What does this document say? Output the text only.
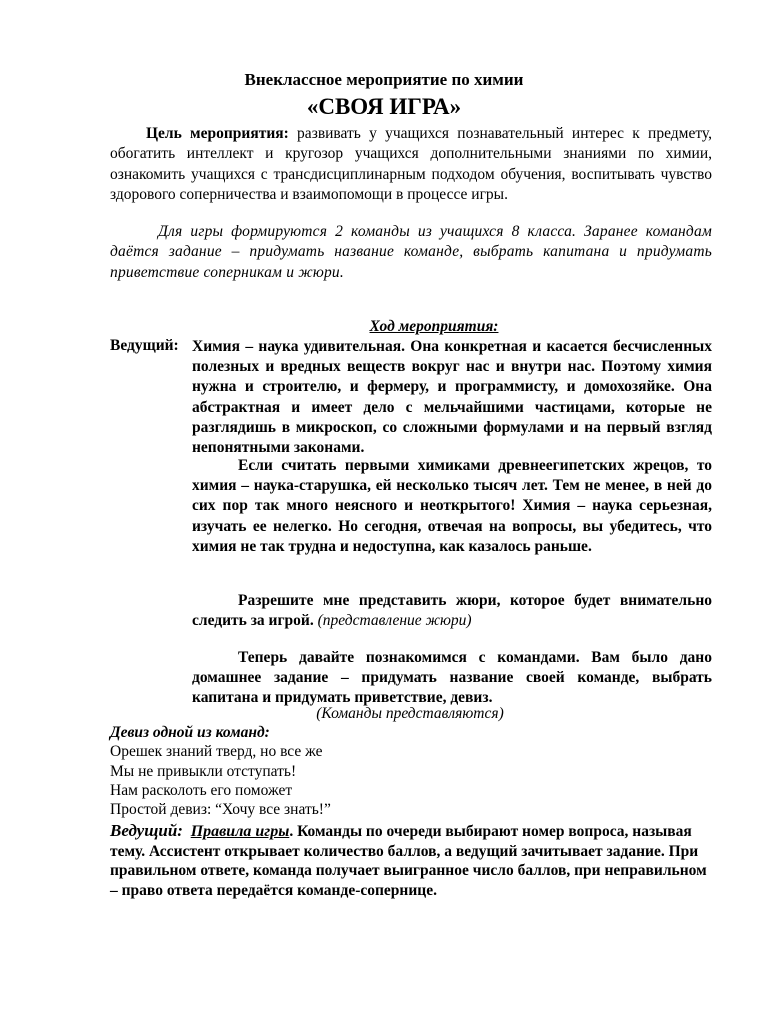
Внеклассное мероприятие по химии
«СВОЯ ИГРА»
Цель мероприятия: развивать у учащихся познавательный интерес к предмету, обогатить интеллект и кругозор учащихся дополнительными знаниями по химии, ознакомить учащихся с трансдисциплинарным подходом обучения, воспитывать чувство здорового соперничества и взаимопомощи в процессе игры.
Для игры формируются 2 команды из учащихся 8 класса. Заранее командам даётся задание – придумать название команде, выбрать капитана и придумать приветствие соперникам и жюри.
Ход мероприятия:
Ведущий: Химия – наука удивительная. Она конкретная и касается бесчисленных полезных и вредных веществ вокруг нас и внутри нас. Поэтому химия нужна и строителю, и фермеру, и программисту, и домохозяйке. Она абстрактная и имеет дело с мельчайшими частицами, которые не разглядишь в микроскоп, со сложными формулами и на первый взгляд непонятными законами.
Если считать первыми химиками древнеегипетских жрецов, то химия – наука-старушка, ей несколько тысяч лет. Тем не менее, в ней до сих пор так много неясного и неоткрытого! Химия – наука серьезная, изучать ее нелегко. Но сегодня, отвечая на вопросы, вы убедитесь, что химия не так трудна и недоступна, как казалось раньше.
Разрешите мне представить жюри, которое будет внимательно следить за игрой. (представление жюри)
Теперь давайте познакомимся с командами. Вам было дано домашнее задание – придумать название своей команде, выбрать капитана и придумать приветствие, девиз.
(Команды представляются)
Девиз одной из команд:
Орешек знаний тверд, но все же
Мы не привыкли отступать!
Нам расколоть его поможет
Простой девиз: “Хочу все знать!”
Ведущий: Правила игры. Команды по очереди выбирают номер вопроса, называя тему. Ассистент открывает количество баллов, а ведущий зачитывает задание. При правильном ответе, команда получает выигранное число баллов, при неправильном – право ответа передаётся команде-сопернице.
